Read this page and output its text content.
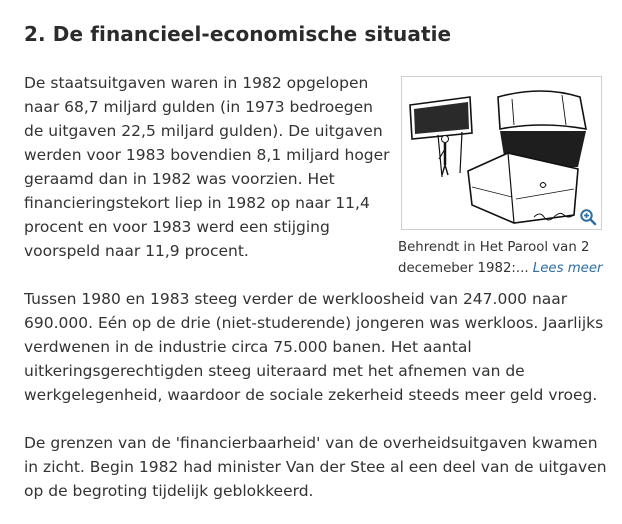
2. De financieel-economische situatie

De staatsuitgaven waren in 1982 opgelopen naar 68,7 miljard gulden (in 1973 bedroegen de uitgaven 22,5 miljard gulden). De uitgaven werden voor 1983 bovendien 8,1 miljard hoger geraamd dan in 1982 was voorzien. Het financieringstekort liep in 1982 op naar 11,4 procent en voor 1983 werd een stijging voorspeld naar 11,9 procent.	Behrendt in Het Parool van 2 decemeber 1982:... Lees meer

Tussen 1980 en 1983 steeg verder de werkloosheid van 247.000 naar 690.000. Eén op de drie (niet-studerende) jongeren was werkloos. Jaarlijks verdwenen in de industrie circa 75.000 banen. Het aantal uitkeringsgerechtigden steeg uiteraard met het afnemen van de werkgelegenheid, waardoor de sociale zekerheid steeds meer geld vroeg.

De grenzen van de 'financierbaarheid' van de overheidsuitgaven kwamen in zicht. Begin 1982 had minister Van der Stee al een deel van de uitgaven op de begroting tijdelijk geblokkeerd.
